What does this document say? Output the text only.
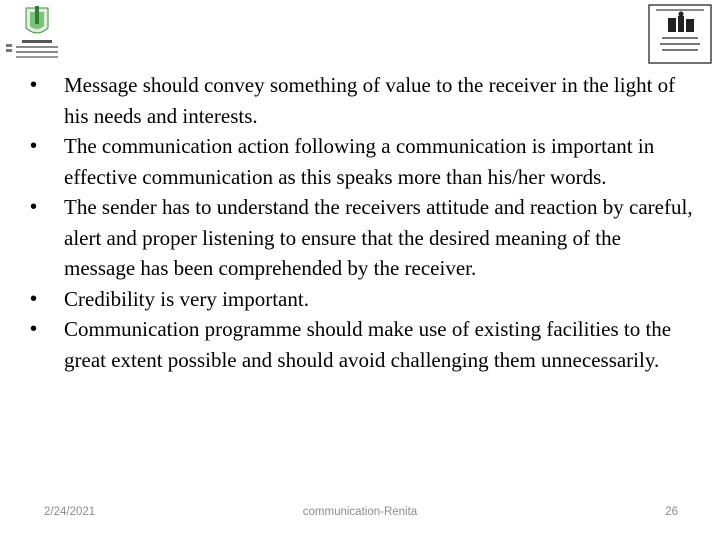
• Message should convey something of value to the receiver in the light of his needs and interests.
• The communication action following a communication is important in effective communication as this speaks more than his/her words.
• The sender has to understand the receivers attitude and reaction by careful, alert and proper listening to ensure that the desired meaning of the message has been comprehended by the receiver.
• Credibility is very important.
• Communication programme should make use of existing facilities to the great extent possible and should avoid challenging them unnecessarily.
2/24/2021	communication-Renita	26
